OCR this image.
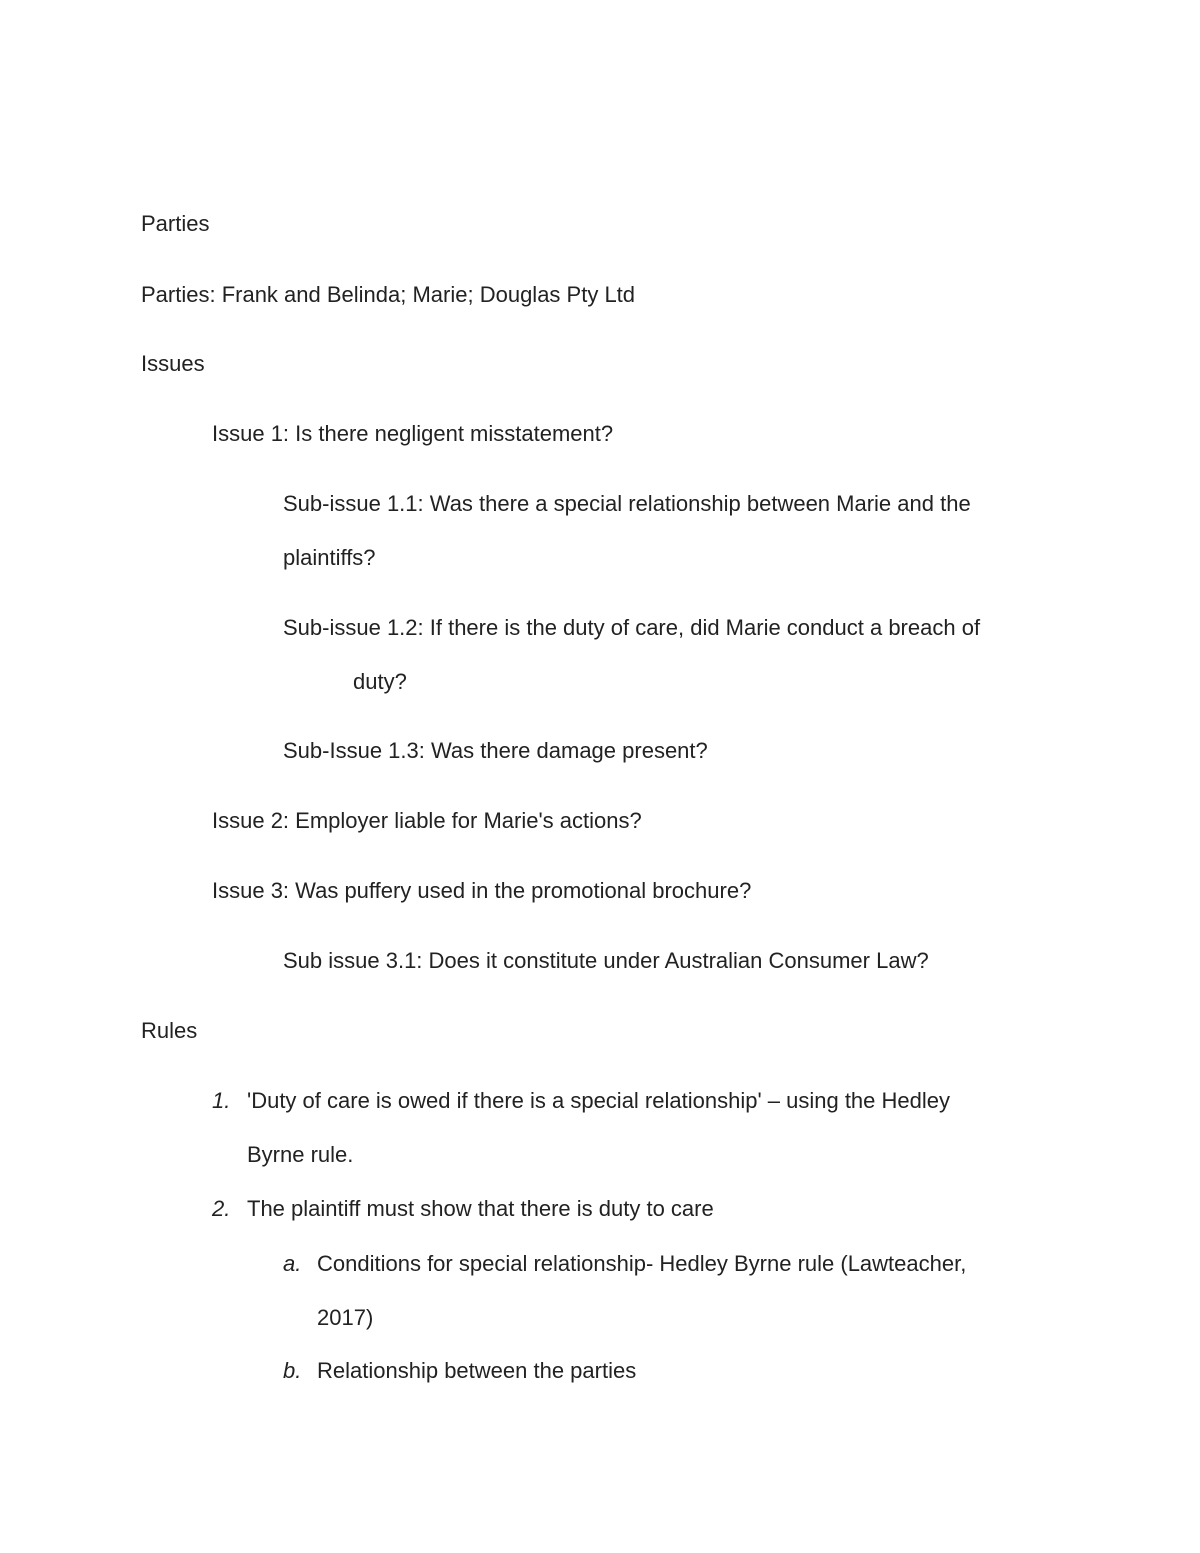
Parties
Parties: Frank and Belinda; Marie; Douglas Pty Ltd
Issues
Issue 1: Is there negligent misstatement?
Sub-issue 1.1: Was there a special relationship between Marie and the
plaintiffs?
Sub-issue 1.2: If there is the duty of care, did Marie conduct a breach of
duty?
Sub-Issue 1.3: Was there damage present?
Issue 2: Employer liable for Marie's actions?
Issue 3: Was puffery used in the promotional brochure?
Sub issue 3.1: Does it constitute under Australian Consumer Law?
Rules
1. 'Duty of care is owed if there is a special relationship' – using the Hedley
Byrne rule.
2. The plaintiff must show that there is duty to care
a. Conditions for special relationship- Hedley Byrne rule (Lawteacher,
2017)
b. Relationship between the parties
